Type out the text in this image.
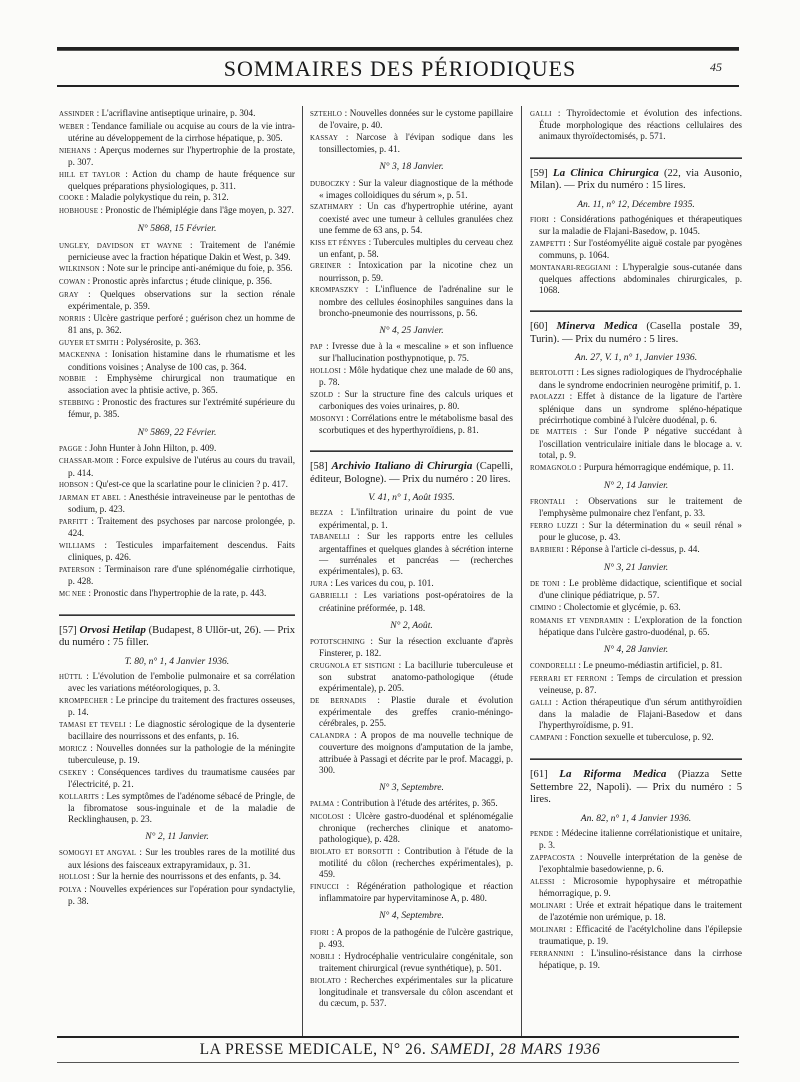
SOMMAIRES DES PÉRIODIQUES	45
ASSINDER : L'acriflavine antiseptique urinaire, p. 304.
WEBER : Tendance familiale ou acquise au cours de la vie intra-utérine au développement de la cirrhose hépatique, p. 305.
NIEHANS : Aperçus modernes sur l'hypertrophie de la prostate, p. 307.
HILL ET TAYLOR : Action du champ de haute fréquence sur quelques préparations physiologiques, p. 311.
COOKE : Maladie polykystique du rein, p. 312.
HOBHOUSE : Pronostic de l'hémiplégie dans l'âge moyen, p. 327.
N° 5868, 15 Février.
UNGLEY, DAVIDSON ET WAYNE : Traitement de l'anémie pernicieuse avec la fraction hépatique Dakin et West, p. 349.
WILKINSON : Note sur le principe anti-anémique du foie, p. 356.
COWAN : Pronostic après infarctus ; étude clinique, p. 356.
GRAY : Quelques observations sur la section rénale expérimentale, p. 359.
NORRIS : Ulcère gastrique perforé ; guérison chez un homme de 81 ans, p. 362.
GUYER ET SMITH : Polysérosite, p. 363.
MACKENNA : Ionisation histamine dans le rhumatisme et les conditions voisines ; Analyse de 100 cas, p. 364.
NOBBIE : Emphysème chirurgical non traumatique en association avec la phtisie active, p. 365.
STEBBING : Pronostic des fractures sur l'extrémité supérieure du fémur, p. 385.
N° 5869, 22 Février.
PAGGE : John Hunter à John Hilton, p. 409.
CHASSAR-MOIR : Force expulsive de l'utérus au cours du travail, p. 414.
HOBSON : Qu'est-ce que la scarlatine pour le clinicien ? p. 417.
JARMAN ET ABEL : Anesthésie intraveineuse par le pentothas de sodium, p. 423.
PARFITT : Traitement des psychoses par narcose prolongée, p. 424.
WILLIAMS : Testicules imparfaitement descendus. Faits cliniques, p. 426.
PATERSON : Terminaison rare d'une splénomégalie cirrhotique, p. 428.
MC NEE : Pronostic dans l'hypertrophie de la rate, p. 443.
[57] Orvosi Hetilap (Budapest, 8 Ullör-ut, 26). — Prix du numéro : 75 filler.
T. 80, n° 1, 4 Janvier 1936.
HÜTTL : L'évolution de l'embolie pulmonaire et sa corrélation avec les variations météorologiques, p. 3.
KROMPECHER : Le principe du traitement des fractures osseuses, p. 14.
TAMASI ET TEVELI : Le diagnostic sérologique de la dysenterie bacillaire des nourrissons et des enfants, p. 16.
MORICZ : Nouvelles données sur la pathologie de la méningite tuberculeuse, p. 19.
CSEKEY : Conséquences tardives du traumatisme causées par l'électricité, p. 21.
KOLLARITS : Les symptômes de l'adénome sébacé de Pringle, de la fibromatose sous-inguinale et de la maladie de Recklinghausen, p. 23.
N° 2, 11 Janvier.
SOMOGYI ET ANGYAL : Sur les troubles rares de la motilité dus aux lésions des faisceaux extrapyramidaux, p. 31.
HOLLOSI : Sur la hernie des nourrissons et des enfants, p. 34.
POLYA : Nouvelles expériences sur l'opération pour syndactylie, p. 38.
SZTEHLO : Nouvelles données sur le cystome papillaire de l'ovaire, p. 40.
KASSAY : Narcose à l'évipan sodique dans les tonsillectomies, p. 41.
N° 3, 18 Janvier.
DUBOCZKY : Sur la valeur diagnostique de la méthode « images colloidiques du sérum », p. 51.
SZATHMARY : Un cas d'hypertrophie utérine, ayant coexisté avec une tumeur à cellules granulées chez une femme de 63 ans, p. 54.
KISS ET FÉNYES : Tubercules multiples du cerveau chez un enfant, p. 58.
GREINER : Intoxication par la nicotine chez un nourrisson, p. 59.
KROMPASZKY : L'influence de l'adrénaline sur le nombre des cellules éosinophiles sanguines dans la broncho-pneumonie des nourrissons, p. 56.
N° 4, 25 Janvier.
PAP : Ivresse due à la « mescaline » et son influence sur l'hallucination posthypnotique, p. 75.
HOLLOSI : Môle hydatique chez une malade de 60 ans, p. 78.
SZOLD : Sur la structure fine des calculs uriques et carboniques des voies urinaires, p. 80.
MOSONYI : Corrélations entre le métabolisme basal des scorbutiques et des hyperthyroïdiens, p. 81.
[58] Archivio Italiano di Chirurgia (Capelli, éditeur, Bologne). — Prix du numéro : 20 lires.
V. 41, n° 1, Août 1935.
BEZZA : L'infiltration urinaire du point de vue expérimental, p. 1.
TABANELLI : Sur les rapports entre les cellules argentaffines et quelques glandes à sécrétion interne — surrénales et pancréas — (recherches expérimentales), p. 63.
JURA : Les varices du cou, p. 101.
GABRIELLI : Les variations post-opératoires de la créatinine préformée, p. 148.
N° 2, Août.
POTOTSCHNING : Sur la résection excluante d'après Finsterer, p. 182.
CRUGNOLA ET SISTIGNI : La bacillurie tuberculeuse et son substrat anatomo-pathologique (étude expérimentale), p. 205.
DE BERNADIS : Plastie durale et évolution expérimentale des greffes cranio-méningo-cérébrales, p. 255.
CALANDRA : A propos de ma nouvelle technique de couverture des moignons d'amputation de la jambe, attribuée à Passagi et décrite par le prof. Macaggi, p. 300.
N° 3, Septembre.
PALMA : Contribution à l'étude des artérites, p. 365.
NICOLOSI : Ulcère gastro-duodénal et splénomégalie chronique (recherches clinique et anatomo-pathologique), p. 428.
BIOLATO ET BORSOTTI : Contribution à l'étude de la motilité du côlon (recherches expérimentales), p. 459.
FINUCCI : Régénération pathologique et réaction inflammatoire par hypervitaminose A, p. 480.
N° 4, Septembre.
FIORI : A propos de la pathogénie de l'ulcère gastrique, p. 493.
NOBILI : Hydrocéphalie ventriculaire congénitale, son traitement chirurgical (revue synthétique), p. 501.
BIOLATO : Recherches expérimentales sur la plicature longitudinale et transversale du côlon ascendant et du cæcum, p. 537.
GALLI : Thyroïdectomie et évolution des infections. Étude morphologique des réactions cellulaires des animaux thyroïdectomisés, p. 571.
[59] La Clinica Chirurgica (22, via Ausonio, Milan). — Prix du numéro : 15 lires.
An. 11, n° 12, Décembre 1935.
FIORI : Considérations pathogéniques et thérapeutiques sur la maladie de Flajani-Basedow, p. 1045.
ZAMPETTI : Sur l'ostéomyélite aiguë costale par pyogènes communs, p. 1064.
MONTANARI-REGGIANI : L'hyperalgie sous-cutanée dans quelques affections abdominales chirurgicales, p. 1068.
[60] Minerva Medica (Casella postale 39, Turin). — Prix du numéro : 5 lires.
An. 27, V. 1, n° 1, Janvier 1936.
BERTOLOTTI : Les signes radiologiques de l'hydrocéphalie dans le syndrome endocrinien neurogène primitif, p. 1.
PAOLAZZI : Effet à distance de la ligature de l'artère splénique dans un syndrome spléno-hépatique précirrhotique combiné à l'ulcère duodénal, p. 6.
DE MATTEIS : Sur l'onde P négative succédant à l'oscillation ventriculaire initiale dans le blocage a. v. total, p. 9.
ROMAGNOLO : Purpura hémorragique endémique, p. 11.
N° 2, 14 Janvier.
FRONTALI : Observations sur le traitement de l'emphysème pulmonaire chez l'enfant, p. 33.
FERRO LUZZI : Sur la détermination du « seuil rénal » pour le glucose, p. 43.
BARBIERI : Réponse à l'article ci-dessus, p. 44.
N° 3, 21 Janvier.
DE TONI : Le problème didactique, scientifique et social d'une clinique pédiatrique, p. 57.
CIMINO : Cholectomie et glycémie, p. 63.
ROMANIS ET VENDRAMIN : L'exploration de la fonction hépatique dans l'ulcère gastro-duodénal, p. 65.
N° 4, 28 Janvier.
CONDORELLI : Le pneumo-médiastin artificiel, p. 81.
FERRARI ET FERRONI : Temps de circulation et pression veineuse, p. 87.
GALLI : Action thérapeutique d'un sérum antithyroïdien dans la maladie de Flajani-Basedow et dans l'hyperthyroïdisme, p. 91.
CAMPANI : Fonction sexuelle et tuberculose, p. 92.
[61] La Riforma Medica (Piazza Sette Settembre 22, Napoli). — Prix du numéro : 5 lires.
An. 82, n° 1, 4 Janvier 1936.
PENDE : Médecine italienne corrélationistique et unitaire, p. 3.
ZAPPACOSTA : Nouvelle interprétation de la genèse de l'exophtalmie basedowienne, p. 6.
ALESSI : Microsomie hypophysaire et métropathie hémorragique, p. 9.
MOLINARI : Urée et extrait hépatique dans le traitement de l'azotémie non urémique, p. 18.
MOLINARI : Efficacité de l'acétylcholine dans l'épilepsie traumatique, p. 19.
FERRANNINI : L'insulino-résistance dans la cirrhose hépatique, p. 19.
LA PRESSE MEDICALE, N° 26. SAMEDI, 28 MARS 1936
